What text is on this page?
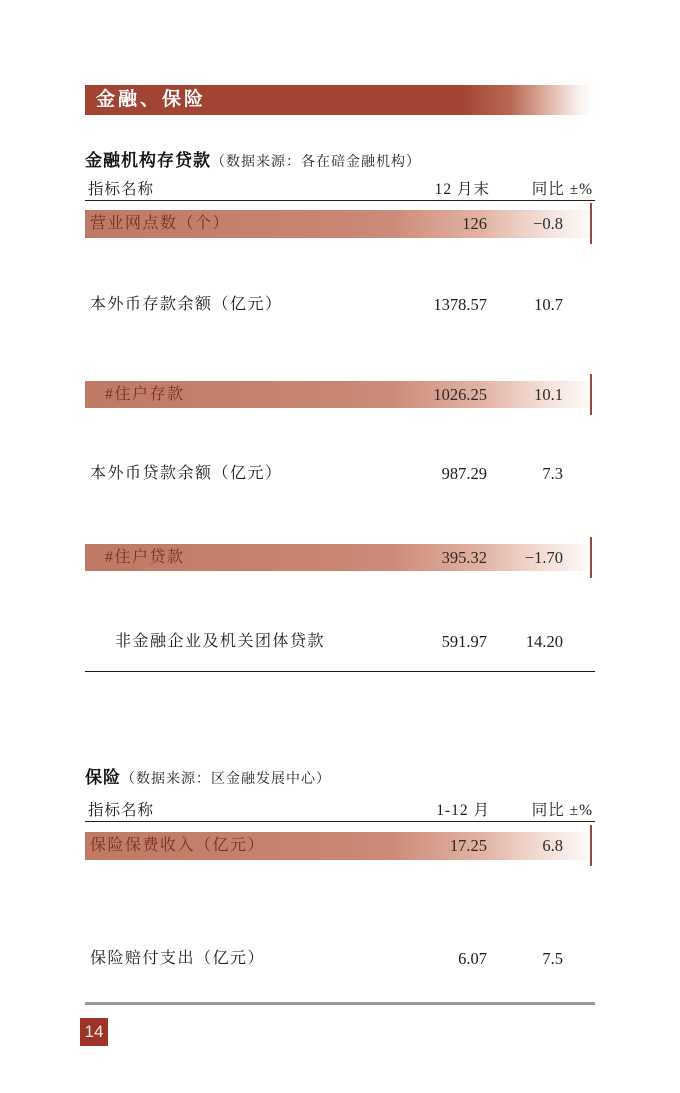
金融、保险
金融机构存贷款（数据来源：各在碚金融机构）
指标名称	12 月末	同比 ±%
营业网点数（个）	126	−0.8
本外币存款余额（亿元）	1378.57	10.7
#住户存款	1026.25	10.1
本外币贷款余额（亿元）	987.29	7.3
#住户贷款	395.32 −1.70
非金融企业及机关团体贷款	591.97 14.20
保险（数据来源：区金融发展中心）
指标名称	1-12 月	同比 ±%
保险保费收入（亿元）	17.25	6.8
保险赔付支出（亿元）	6.07	7.5
14
